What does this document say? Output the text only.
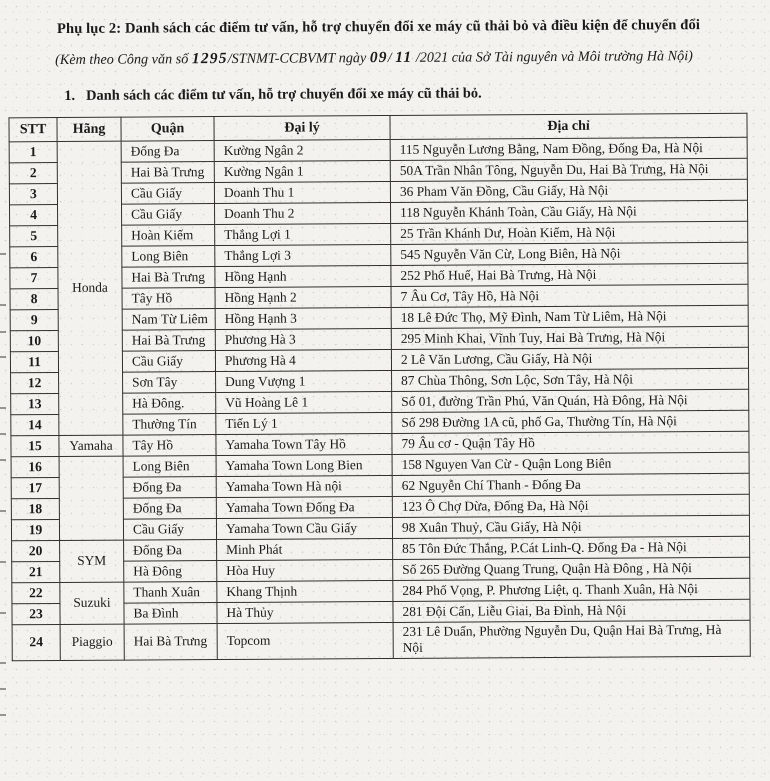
Phụ lục 2: Danh sách các điểm tư vấn, hỗ trợ chuyển đổi xe máy cũ thải bỏ và điều kiện để chuyển đổi
(Kèm theo Công văn số 1295/STNMT-CCBVMT ngày 09/ 11 /2021 của Sở Tài nguyên và Môi trường Hà Nội)
1. Danh sách các điểm tư vấn, hỗ trợ chuyển đổi xe máy cũ thải bỏ.
STT	Hãng	Quận	Đại lý	Địa chỉ
1	Honda	Đống Đa	Kường Ngân 2	115 Nguyễn Lương Bằng, Nam Đồng, Đống Đa, Hà Nội
2		Hai Bà Trưng	Kường Ngân 1	50A Trần Nhân Tông, Nguyễn Du, Hai Bà Trưng, Hà Nội
3		Cầu Giấy	Doanh Thu 1	36 Pham Văn Đồng, Cầu Giấy, Hà Nội
4		Cầu Giấy	Doanh Thu 2	118 Nguyễn Khánh Toàn, Cầu Giấy, Hà Nội
5		Hoàn Kiếm	Thắng Lợi 1	25 Trần Khánh Dư, Hoàn Kiếm, Hà Nội
6		Long Biên	Thắng Lợi 3	545 Nguyễn Văn Cừ, Long Biên, Hà Nội
7		Hai Bà Trưng	Hồng Hạnh	252 Phố Huế, Hai Bà Trưng, Hà Nội
8		Tây Hồ	Hồng Hạnh 2	7 Âu Cơ, Tây Hồ, Hà Nội
9		Nam Từ Liêm	Hồng Hạnh 3	18 Lê Đức Thọ, Mỹ Đình, Nam Từ Liêm, Hà Nội
10		Hai Bà Trưng	Phương Hà 3	295 Minh Khai, Vĩnh Tuy, Hai Bà Trưng, Hà Nội
11		Cầu Giấy	Phương Hà 4	2 Lê Văn Lương, Cầu Giấy, Hà Nội
12		Sơn Tây	Dung Vượng 1	87 Chùa Thông, Sơn Lộc, Sơn Tây, Hà Nội
13		Hà Đông.	Vũ Hoàng Lê 1	Số 01, đường Trần Phú, Văn Quán, Hà Đông, Hà Nội
14		Thường Tín	Tiến Lý 1	Số 298 Đường 1A cũ, phố Ga, Thường Tín, Hà Nội
15	Yamaha	Tây Hồ	Yamaha Town Tây Hồ	79 Âu cơ - Quận Tây Hồ
16		Long Biên	Yamaha Town Long Bien	158 Nguyen Van Cừ - Quận Long Biên
17		Đống Đa	Yamaha Town Hà nội	62 Nguyễn Chí Thanh - Đống Đa
18		Đống Đa	Yamaha Town Đống Đa	123 Ô Chợ Dừa, Đống Đa, Hà Nội
19		Cầu Giấy	Yamaha Town Cầu Giấy	98 Xuân Thuỷ, Cầu Giấy, Hà Nội
20	SYM	Đống Đa	Minh Phát	85 Tôn Đức Thắng, P.Cát Linh-Q. Đống Đa - Hà Nội
21		Hà Đông	Hòa Huy	Số 265 Đường Quang Trung, Quận Hà Đông , Hà Nội
22	Suzuki	Thanh Xuân	Khang Thịnh	284 Phố Vọng, P. Phương Liệt, q. Thanh Xuân, Hà Nội
23		Ba Đình	Hà Thủy	281 Đội Cấn, Liễu Giai, Ba Đình, Hà Nội
24	Piaggio	Hai Bà Trưng	Topcom	231 Lê Duẩn, Phường Nguyễn Du, Quận Hai Bà Trưng, Hà Nội
